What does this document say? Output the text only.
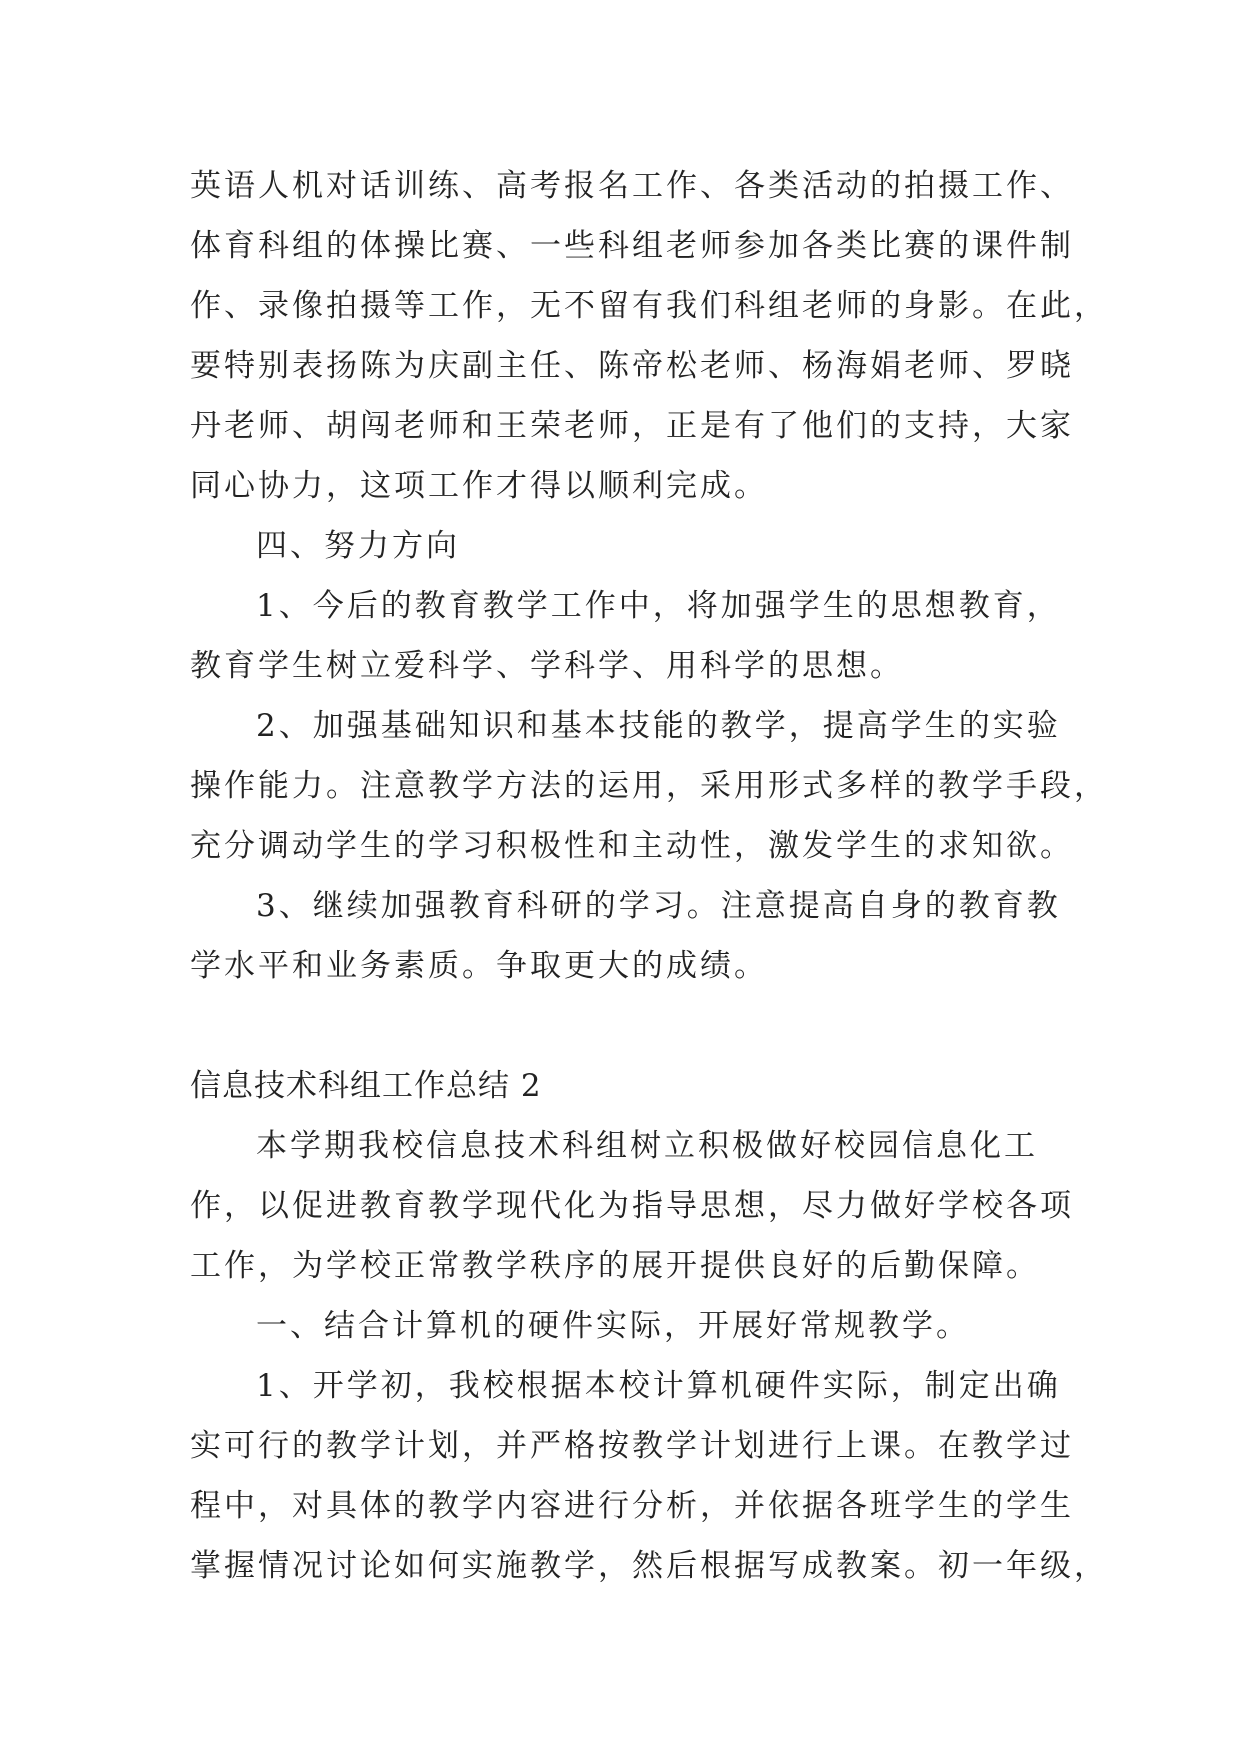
英语人机对话训练、高考报名工作、各类活动的拍摄工作、
体育科组的体操比赛、一些科组老师参加各类比赛的课件制
作、录像拍摄等工作，无不留有我们科组老师的身影。在此，
要特别表扬陈为庆副主任、陈帝松老师、杨海娟老师、罗晓
丹老师、胡闯老师和王荣老师，正是有了他们的支持，大家
同心协力，这项工作才得以顺利完成。
四、努力方向
1、今后的教育教学工作中，将加强学生的思想教育，
教育学生树立爱科学、学科学、用科学的思想。
2、加强基础知识和基本技能的教学，提高学生的实验
操作能力。注意教学方法的运用，采用形式多样的教学手段，
充分调动学生的学习积极性和主动性，激发学生的求知欲。
3、继续加强教育科研的学习。注意提高自身的教育教
学水平和业务素质。争取更大的成绩。
信息技术科组工作总结 2
本学期我校信息技术科组树立积极做好校园信息化工
作，以促进教育教学现代化为指导思想，尽力做好学校各项
工作，为学校正常教学秩序的展开提供良好的后勤保障。
一、结合计算机的硬件实际，开展好常规教学。
1、开学初，我校根据本校计算机硬件实际，制定出确
实可行的教学计划，并严格按教学计划进行上课。在教学过
程中，对具体的教学内容进行分析，并依据各班学生的学生
掌握情况讨论如何实施教学，然后根据写成教案。初一年级，
